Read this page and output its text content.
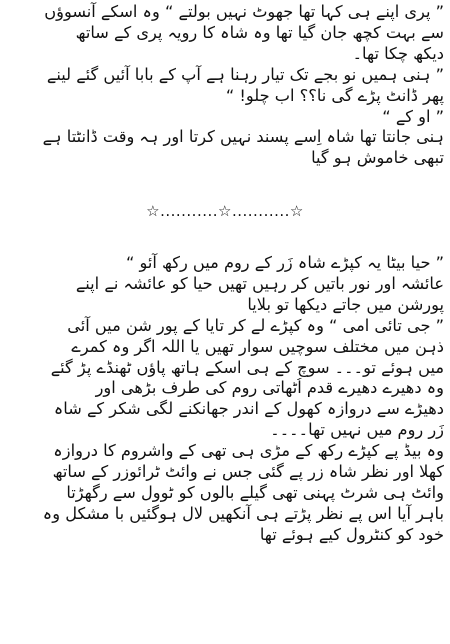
” پری اپنے ہی کہا تھا جھوٹ نہیں بولتے “ وہ اسکے آنسوؤں
سے بہت کچھ جان گیا تھا وہ شاہ کا رویہ پری کے ساتھ
دیکھ چکا تھا۔
” ہنی ہمیں نو بجے تک تیار رہنا ہے آپ کے بابا آئیں گئے لینے
پھر ڈانٹ پڑے گی نا؟؟ اب چلو! “
” او کے “
ہنی جانتا تھا شاہ اِسے پسند نہیں کرتا اور ہہ وقت ڈانٹتا ہے
تبھی خاموش ہو گیا
☆...........☆...........☆
” حیا بیٹا یہ کپڑے شاہ زَر کے روم میں رکھ آئو “
عائشہ اور نور باتیں کر رہیں تھیں حیا کو عائشہ نے اپنے
پورشن میں جاتے دیکھا تو بلایا
” جی تائی امی “ وہ کپڑے لے کر تایا کے پور شن میں آئی
ذہن میں مختلف سوچیں سوار تھیں یا اللہ اگر وہ کمرے
میں ہوئے تو۔۔۔ سوچ کے ہی اسکے ہاتھ پاؤں ٹھنڈے پڑ گئے
وہ دھیرے دھیرے قدم اُٹھاتی روم کی طرف بڑھی اور
دھیڑے سے دروازہ کھول کے اندر جھانکنے لگی شکر کے شاہ
زَر روم میں نہیں تھا۔۔۔۔
وہ بیڈ پے کپڑے رکھ کے مڑی ہی تھی کے واشروم کا دروازہ
کھلا اور نظر شاہ زر پے گئی جس نے وائٹ ٹرائوزر کے ساتھ
وائٹ ہی شرٹ پہنی تھی گیلے بالوں کو ٹوول سے رگھڑتا
باہر آیا اس پے نظر پڑتے ہی آنکھیں لال ہوگئیں با مشکل وہ
خود کو کنٹرول کیے ہوئے تھا
